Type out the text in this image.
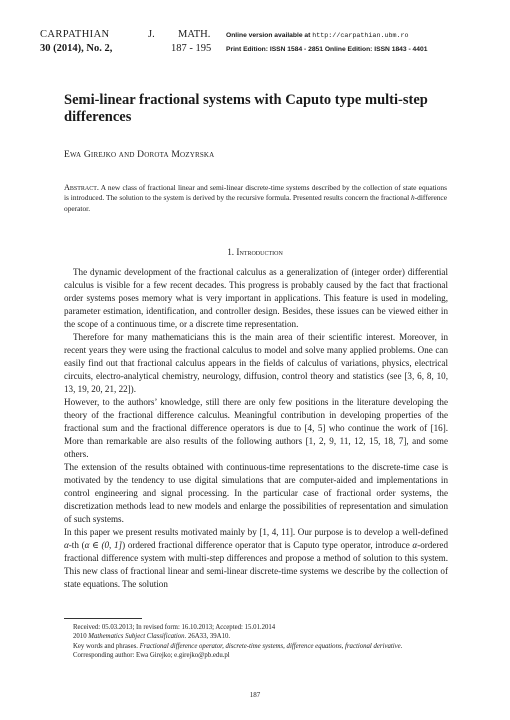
CARPATHIAN	J.	MATH.
30 (2014), No. 2,	187 - 195
Online version available at http://carpathian.ubm.ro
Print Edition: ISSN 1584 - 2851 Online Edition: ISSN 1843 - 4401
Semi-linear fractional systems with Caputo type multi-step differences
Ewa Girejko and Dorota Mozyrska
Abstract. A new class of fractional linear and semi-linear discrete-time systems described by the collection of state equations is introduced. The solution to the system is derived by the recursive formula. Presented results concern the fractional h-difference operator.
1. Introduction

The dynamic development of the fractional calculus as a generalization of (integer order) differential calculus is visible for a few recent decades. This progress is probably caused by the fact that fractional order systems poses memory what is very important in applications. This feature is used in modeling, parameter estimation, identification, and controller design. Besides, these issues can be viewed either in the scope of a continuous time, or a discrete time representation.

Therefore for many mathematicians this is the main area of their scientific interest. Moreover, in recent years they were using the fractional calculus to model and solve many applied problems. One can easily find out that fractional calculus appears in the fields of calculus of variations, physics, electrical circuits, electro-analytical chemistry, neurology, diffusion, control theory and statistics (see [3, 6, 8, 10, 13, 19, 20, 21, 22]).

However, to the authors’ knowledge, still there are only few positions in the literature developing the theory of the fractional difference calculus. Meaningful contribution in developing properties of the fractional sum and the fractional difference operators is due to [4, 5] who continue the work of [16]. More than remarkable are also results of the following authors [1, 2, 9, 11, 12, 15, 18, 7], and some others.

The extension of the results obtained with continuous-time representations to the discrete-time case is motivated by the tendency to use digital simulations that are computer-aided and implementations in control engineering and signal processing. In the particular case of fractional order systems, the discretization methods lead to new models and enlarge the possibilities of representation and simulation of such systems.

In this paper we present results motivated mainly by [1, 4, 11]. Our purpose is to develop a well-defined α-th (α ∈ (0, 1]) ordered fractional difference operator that is Caputo type operator, introduce α-ordered fractional difference system with multi-step differences and propose a method of solution to this system. This new class of fractional linear and semi-linear discrete-time systems we describe by the collection of state equations. The solution

Received: 05.03.2013; In revised form: 16.10.2013; Accepted: 15.01.2014

2010 Mathematics Subject Classification. 26A33, 39A10.

Key words and phrases. Fractional difference operator, discrete-time systems, difference equations, fractional derivative.

Corresponding author: Ewa Girejko; e.girejko@pb.edu.pl

187
